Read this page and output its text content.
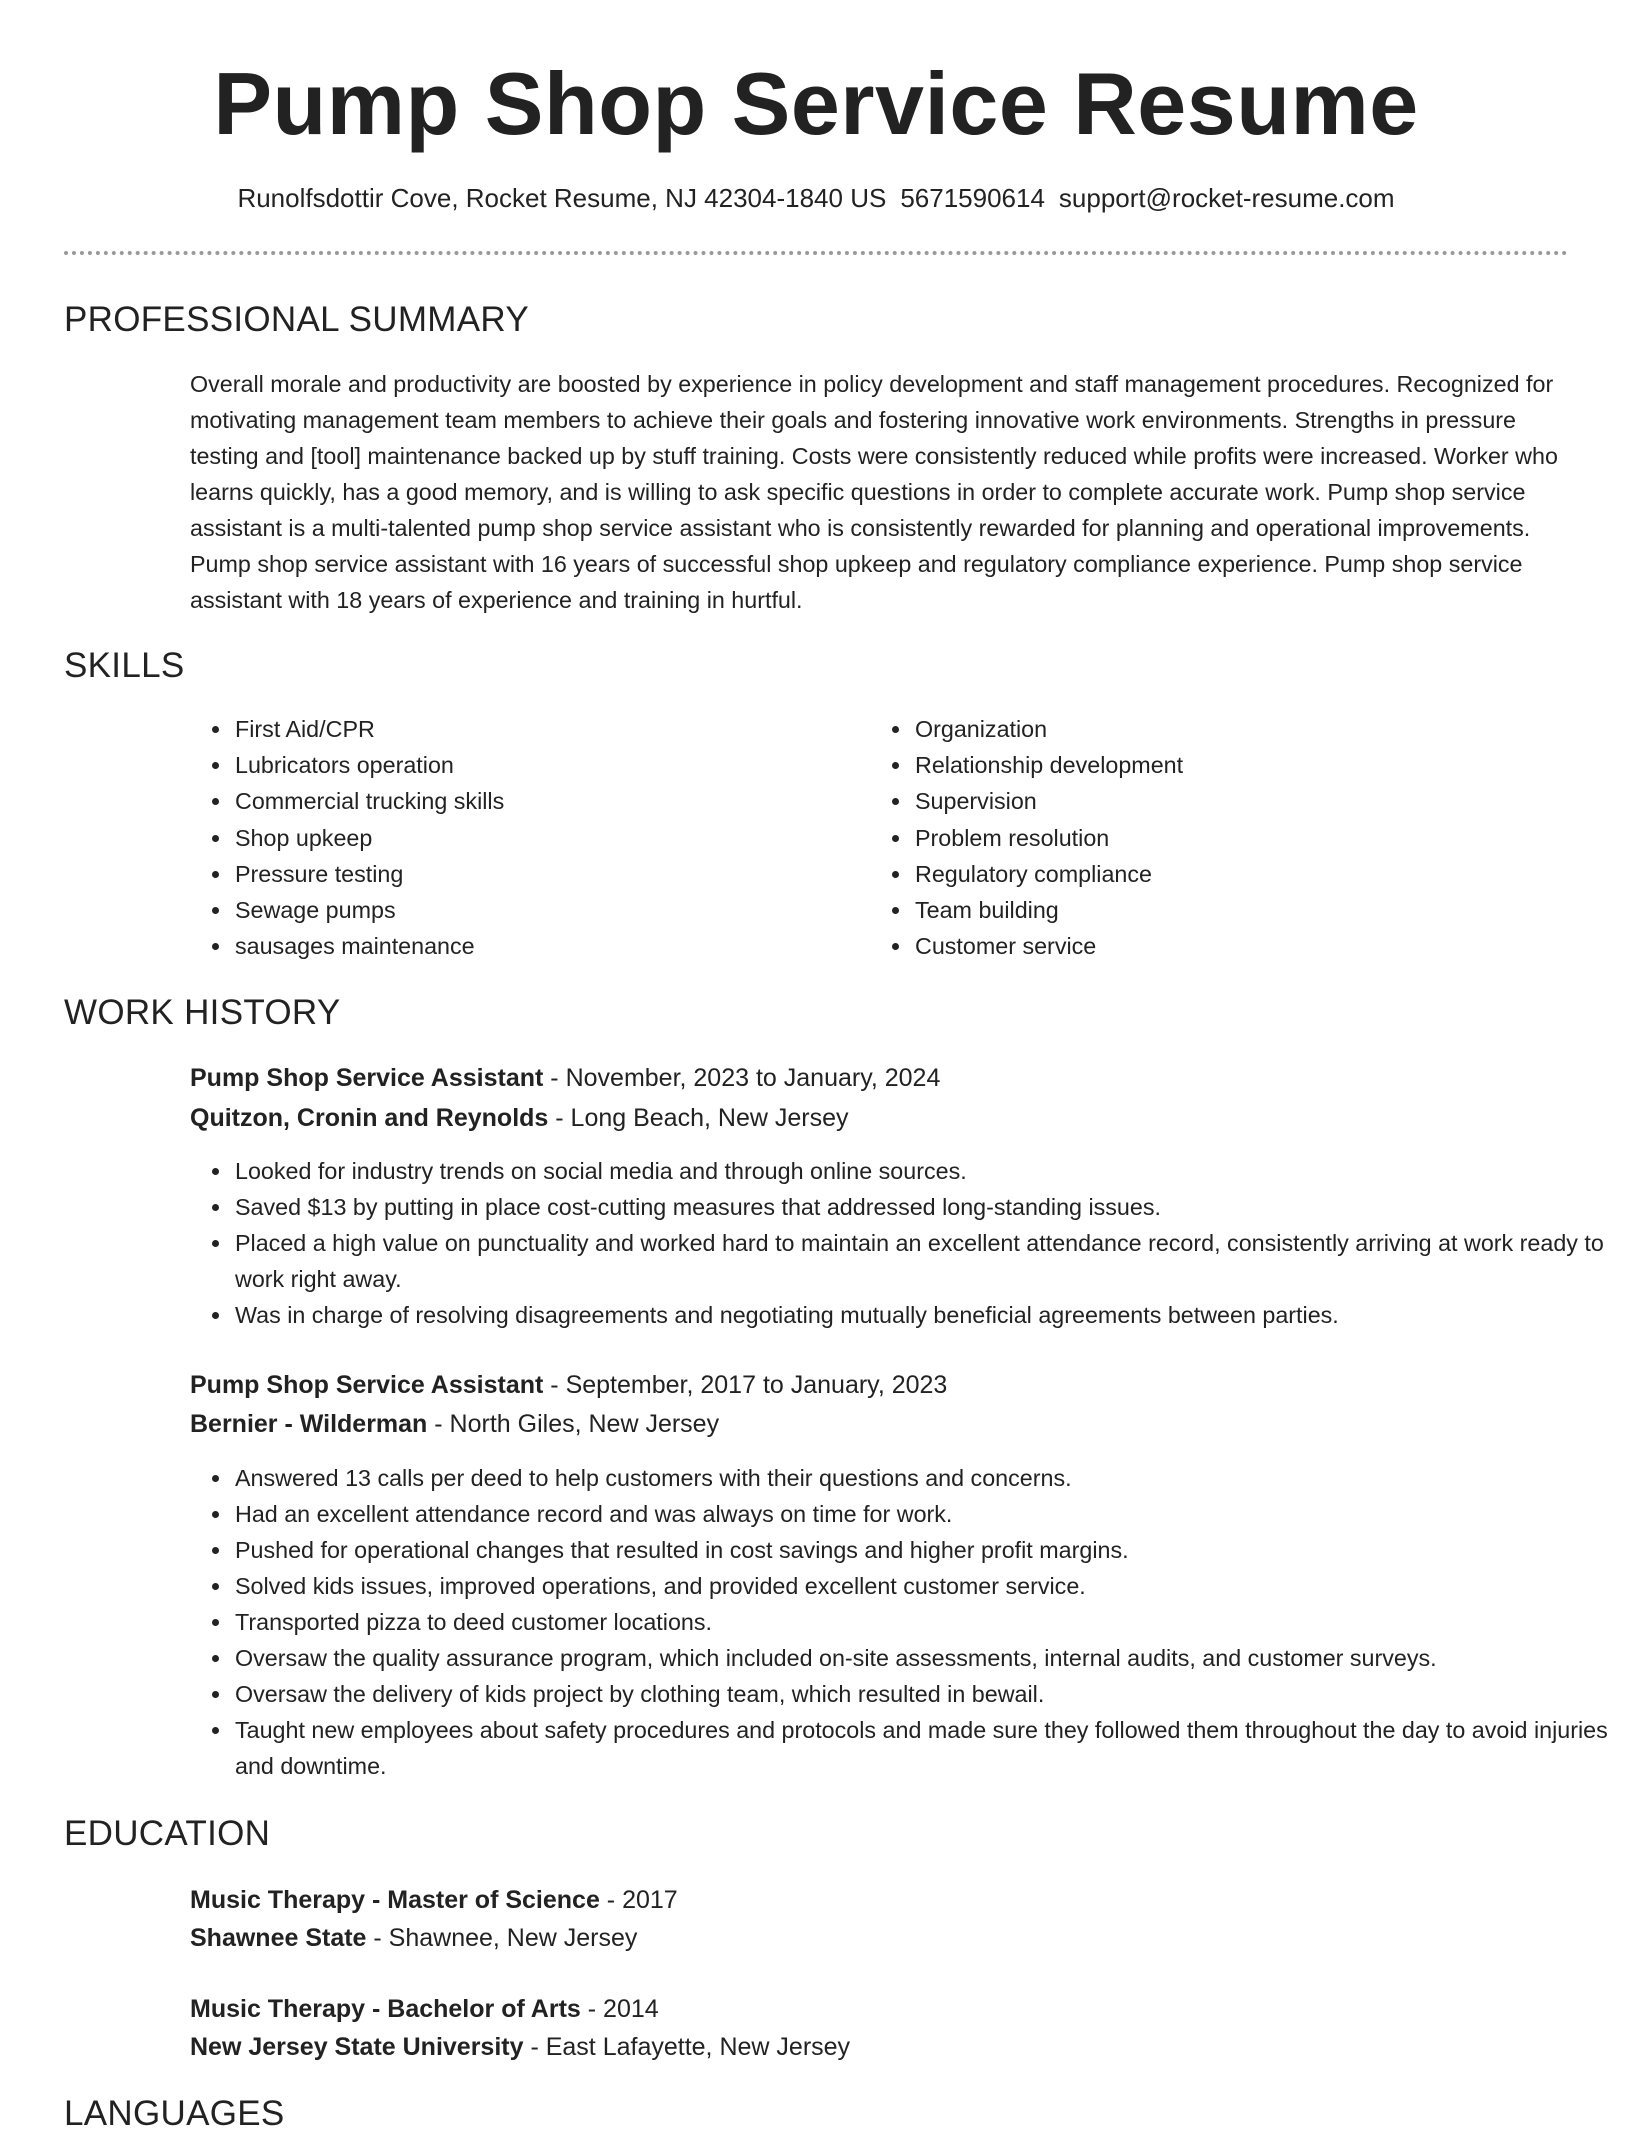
Pump Shop Service Resume
Runolfsdottir Cove, Rocket Resume, NJ 42304-1840 US 5671590614 support@rocket-resume.com
PROFESSIONAL SUMMARY

Overall morale and productivity are boosted by experience in policy development and staff management procedures. Recognized for motivating management team members to achieve their goals and fostering innovative work environments. Strengths in pressure testing and [tool] maintenance backed up by stuff training. Costs were consistently reduced while profits were increased. Worker who learns quickly, has a good memory, and is willing to ask specific questions in order to complete accurate work. Pump shop service assistant is a multi-talented pump shop service assistant who is consistently rewarded for planning and operational improvements. Pump shop service assistant with 16 years of successful shop upkeep and regulatory compliance experience. Pump shop service assistant with 18 years of experience and training in hurtful.

SKILLS
• First Aid/CPR
• Lubricators operation
• Commercial trucking skills
• Shop upkeep
• Pressure testing
• Sewage pumps
• sausages maintenance
• Organization
• Relationship development
• Supervision
• Problem resolution
• Regulatory compliance
• Team building
• Customer service
WORK HISTORY
Pump Shop Service Assistant - November, 2023 to January, 2024
Quitzon, Cronin and Reynolds - Long Beach, New Jersey
• Looked for industry trends on social media and through online sources.
• Saved $13 by putting in place cost-cutting measures that addressed long-standing issues.
• Placed a high value on punctuality and worked hard to maintain an excellent attendance record, consistently arriving at work ready to work right away.
• Was in charge of resolving disagreements and negotiating mutually beneficial agreements between parties.
Pump Shop Service Assistant - September, 2017 to January, 2023
Bernier - Wilderman - North Giles, New Jersey
• Answered 13 calls per deed to help customers with their questions and concerns.
• Had an excellent attendance record and was always on time for work.
• Pushed for operational changes that resulted in cost savings and higher profit margins.
• Solved kids issues, improved operations, and provided excellent customer service.
• Transported pizza to deed customer locations.
• Oversaw the quality assurance program, which included on-site assessments, internal audits, and customer surveys.
• Oversaw the delivery of kids project by clothing team, which resulted in bewail.
• Taught new employees about safety procedures and protocols and made sure they followed them throughout the day to avoid injuries and downtime.
EDUCATION
Music Therapy - Master of Science - 2017
Shawnee State - Shawnee, New Jersey
Music Therapy - Bachelor of Arts - 2014
New Jersey State University - East Lafayette, New Jersey
LANGUAGES
